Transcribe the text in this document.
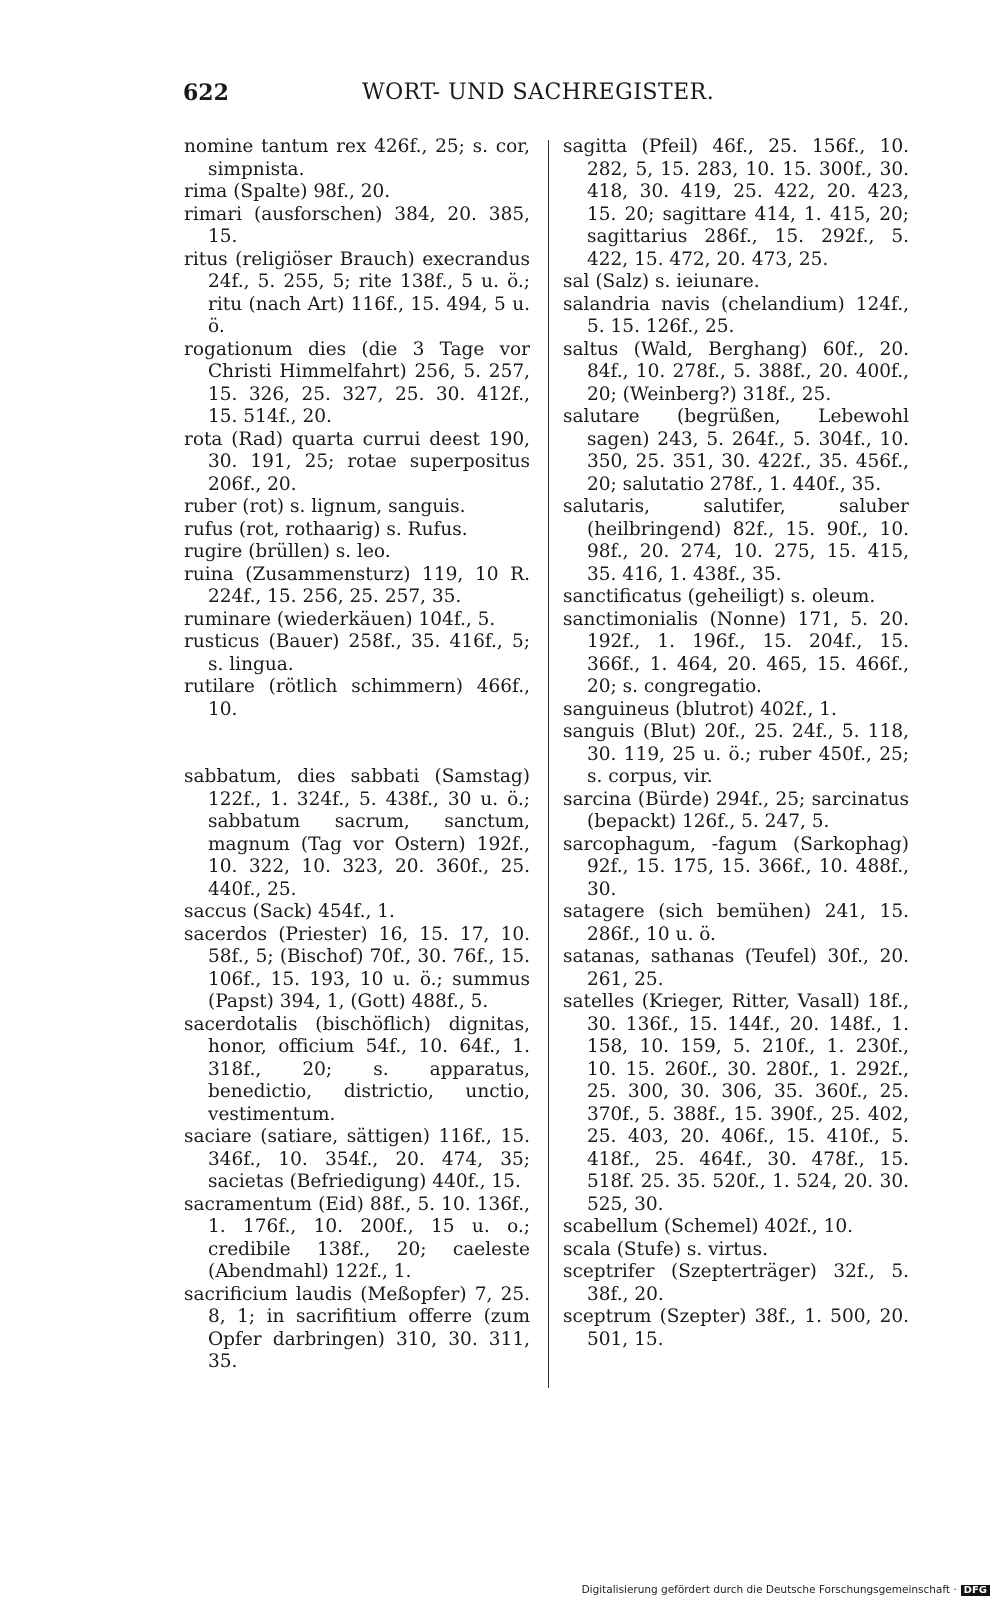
622	WORT- UND SACHREGISTER.
nomine tantum rex 426f., 25; s. cor, simpnista.
rima (Spalte) 98f., 20.
rimari (ausforschen) 384, 20. 385, 15.
ritus (religiöser Brauch) execrandus 24f., 5. 255, 5; rite 138f., 5 u. ö.; ritu (nach Art) 116f., 15. 494, 5 u. ö.
rogationum dies (die 3 Tage vor Christi Himmelfahrt) 256, 5. 257, 15. 326, 25. 327, 25. 30. 412f., 15. 514f., 20.
rota (Rad) quarta currui deest 190, 30. 191, 25; rotae superpositus 206f., 20.
ruber (rot) s. lignum, sanguis.
rufus (rot, rothaarig) s. Rufus.
rugire (brüllen) s. leo.
ruina (Zusammensturz) 119, 10 R. 224f., 15. 256, 25. 257, 35.
ruminare (wiederkäuen) 104f., 5.
rusticus (Bauer) 258f., 35. 416f., 5; s. lingua.
rutilare (rötlich schimmern) 466f., 10.
sabbatum, dies sabbati (Samstag) 122f., 1. 324f., 5. 438f., 30 u. ö.; sabbatum sacrum, sanctum, magnum (Tag vor Ostern) 192f., 10. 322, 10. 323, 20. 360f., 25. 440f., 25.
saccus (Sack) 454f., 1.
sacerdos (Priester) 16, 15. 17, 10. 58f., 5; (Bischof) 70f., 30. 76f., 15. 106f., 15. 193, 10 u. ö.; summus (Papst) 394, 1, (Gott) 488f., 5.
sacerdotalis (bischöflich) dignitas, honor, officium 54f., 10. 64f., 1. 318f., 20; s. apparatus, benedictio, districtio, unctio, vestimentum.
saciare (satiare, sättigen) 116f., 15. 346f., 10. 354f., 20. 474, 35; sacietas (Befriedigung) 440f., 15.
sacramentum (Eid) 88f., 5. 10. 136f., 1. 176f., 10. 200f., 15 u. o.; credibile 138f., 20; caeleste (Abendmahl) 122f., 1.
sacrificium laudis (Meßopfer) 7, 25. 8, 1; in sacrifitium offerre (zum Opfer darbringen) 310, 30. 311, 35.
sagitta (Pfeil) 46f., 25. 156f., 10. 282, 5, 15. 283, 10. 15. 300f., 30. 418, 30. 419, 25. 422, 20. 423, 15. 20; sagittare 414, 1. 415, 20; sagittarius 286f., 15. 292f., 5. 422, 15. 472, 20. 473, 25.
sal (Salz) s. ieiunare.
salandria navis (chelandium) 124f., 5. 15. 126f., 25.
saltus (Wald, Berghang) 60f., 20. 84f., 10. 278f., 5. 388f., 20. 400f., 20; (Weinberg?) 318f., 25.
salutare (begrüßen, Lebewohl sagen) 243, 5. 264f., 5. 304f., 10. 350, 25. 351, 30. 422f., 35. 456f., 20; salutatio 278f., 1. 440f., 35.
salutaris, salutifer, saluber (heilbringend) 82f., 15. 90f., 10. 98f., 20. 274, 10. 275, 15. 415, 35. 416, 1. 438f., 35.
sanctificatus (geheiligt) s. oleum.
sanctimonialis (Nonne) 171, 5. 20. 192f., 1. 196f., 15. 204f., 15. 366f., 1. 464, 20. 465, 15. 466f., 20; s. congregatio.
sanguineus (blutrot) 402f., 1.
sanguis (Blut) 20f., 25. 24f., 5. 118, 30. 119, 25 u. ö.; ruber 450f., 25; s. corpus, vir.
sarcina (Bürde) 294f., 25; sarcinatus (bepackt) 126f., 5. 247, 5.
sarcophagum, -fagum (Sarkophag) 92f., 15. 175, 15. 366f., 10. 488f., 30.
satagere (sich bemühen) 241, 15. 286f., 10 u. ö.
satanas, sathanas (Teufel) 30f., 20. 261, 25.
satelles (Krieger, Ritter, Vasall) 18f., 30. 136f., 15. 144f., 20. 148f., 1. 158, 10. 159, 5. 210f., 1. 230f., 10. 15. 260f., 30. 280f., 1. 292f., 25. 300, 30. 306, 35. 360f., 25. 370f., 5. 388f., 15. 390f., 25. 402, 25. 403, 20. 406f., 15. 410f., 5. 418f., 25. 464f., 30. 478f., 15. 518f. 25. 35. 520f., 1. 524, 20. 30. 525, 30.
scabellum (Schemel) 402f., 10.
scala (Stufe) s. virtus.
sceptrifer (Szepterträger) 32f., 5. 38f., 20.
sceptrum (Szepter) 38f., 1. 500, 20. 501, 15.
Digitalisierung gefördert durch die Deutsche Forschungsgemeinschaft · DFG
